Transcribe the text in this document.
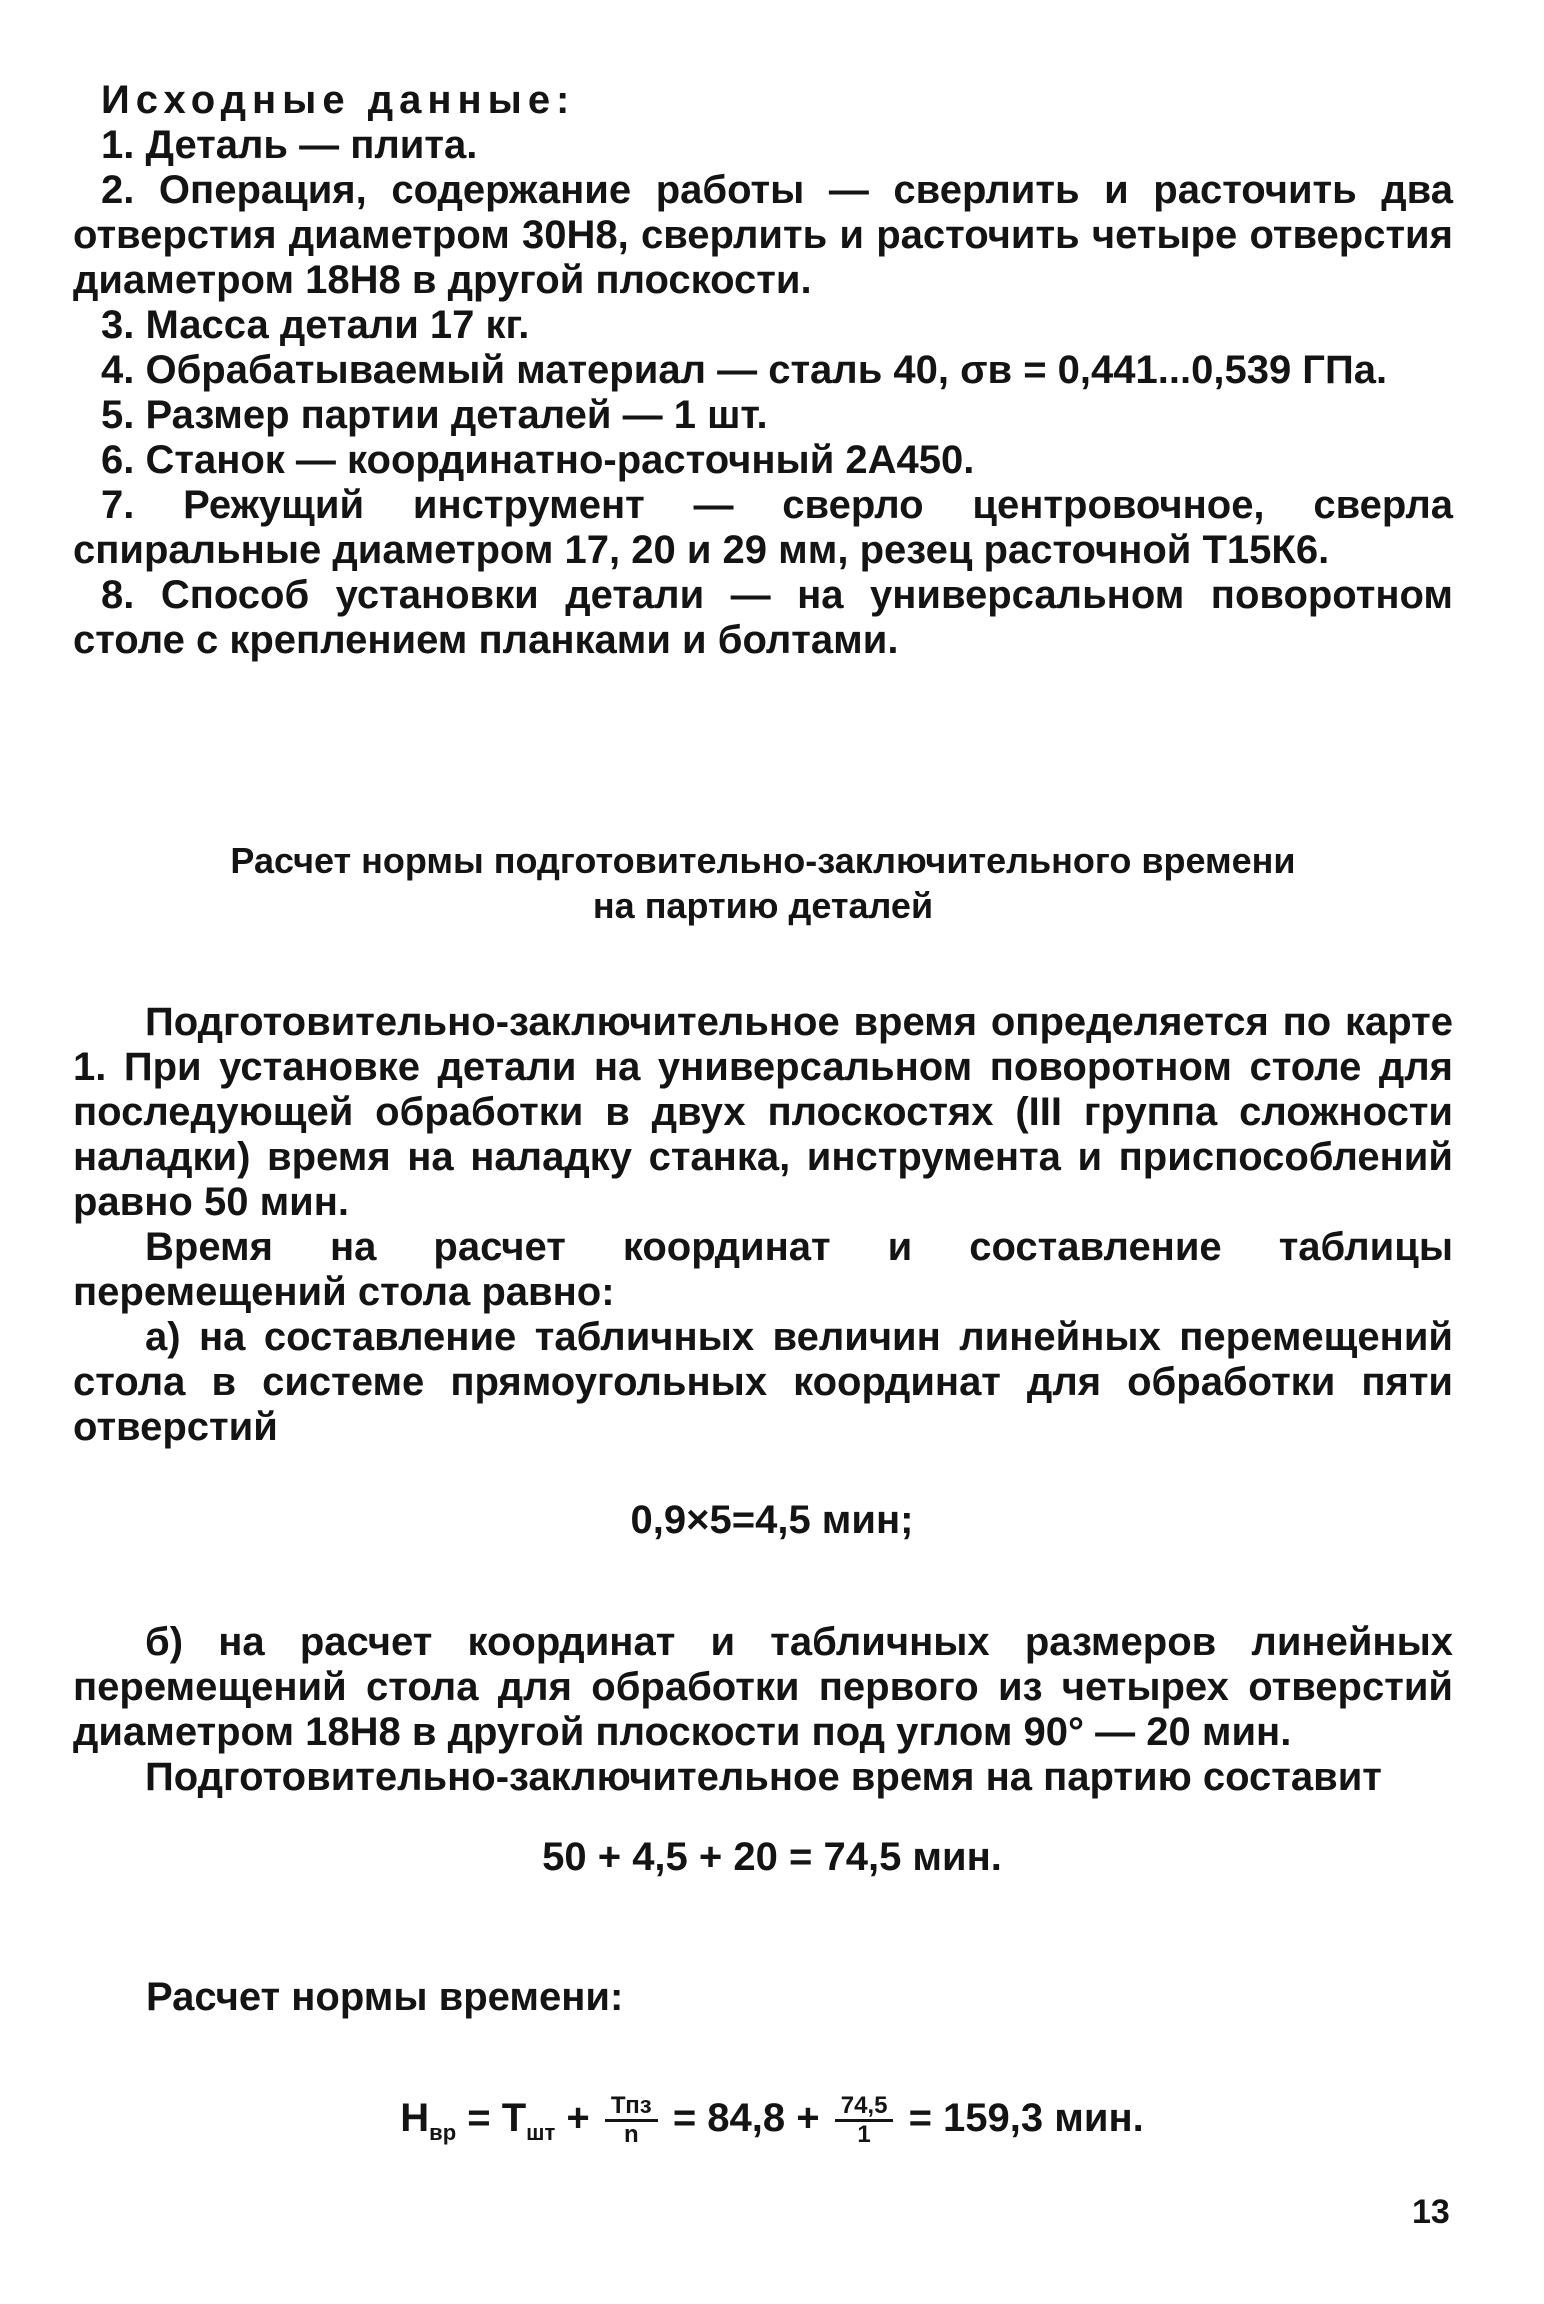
Исходные данные:

1. Деталь — плита.

2. Операция, содержание работы — сверлить и расточить два отверстия диаметром 30Н8, сверлить и расточить четыре отверстия диаметром 18Н8 в другой плоскости.

3. Масса детали 17 кг.

4. Обрабатываемый материал — сталь 40, σв = 0,441...0,539 ГПа.

5. Размер партии деталей — 1 шт.

6. Станок — координатно-расточный 2А450.

7. Режущий инструмент — сверло центровочное, сверла спиральные диаметром 17, 20 и 29 мм, резец расточной Т15К6.

8. Способ установки детали — на универсальном поворотном столе с креплением планками и болтами.

Расчет нормы подготовительно-заключительного времени

на партию деталей

Подготовительно-заключительное время определяется по карте 1. При установке детали на универсальном поворотном столе для последующей обработки в двух плоскостях (III группа сложности наладки) время на наладку станка, инструмента и приспособлений равно 50 мин.

Время на расчет координат и составление таблицы перемещений стола равно:

а) на составление табличных величин линейных перемещений стола в системе прямоугольных координат для обработки пяти отверстий

0,9×5=4,5 мин;

б) на расчет координат и табличных размеров линейных перемещений стола для обработки первого из четырех отверстий диаметром 18Н8 в другой плоскости под углом 90° — 20 мин.

Подготовительно-заключительное время на партию составит

50 + 4,5 + 20 = 74,5 мин.
Расчет нормы времени:
$Н_{вр} = Т_{шт} + \frac{\text{Тпз}}{n} = 84,8 + \frac{74,5}{1} = 159,3$ мин.
13
